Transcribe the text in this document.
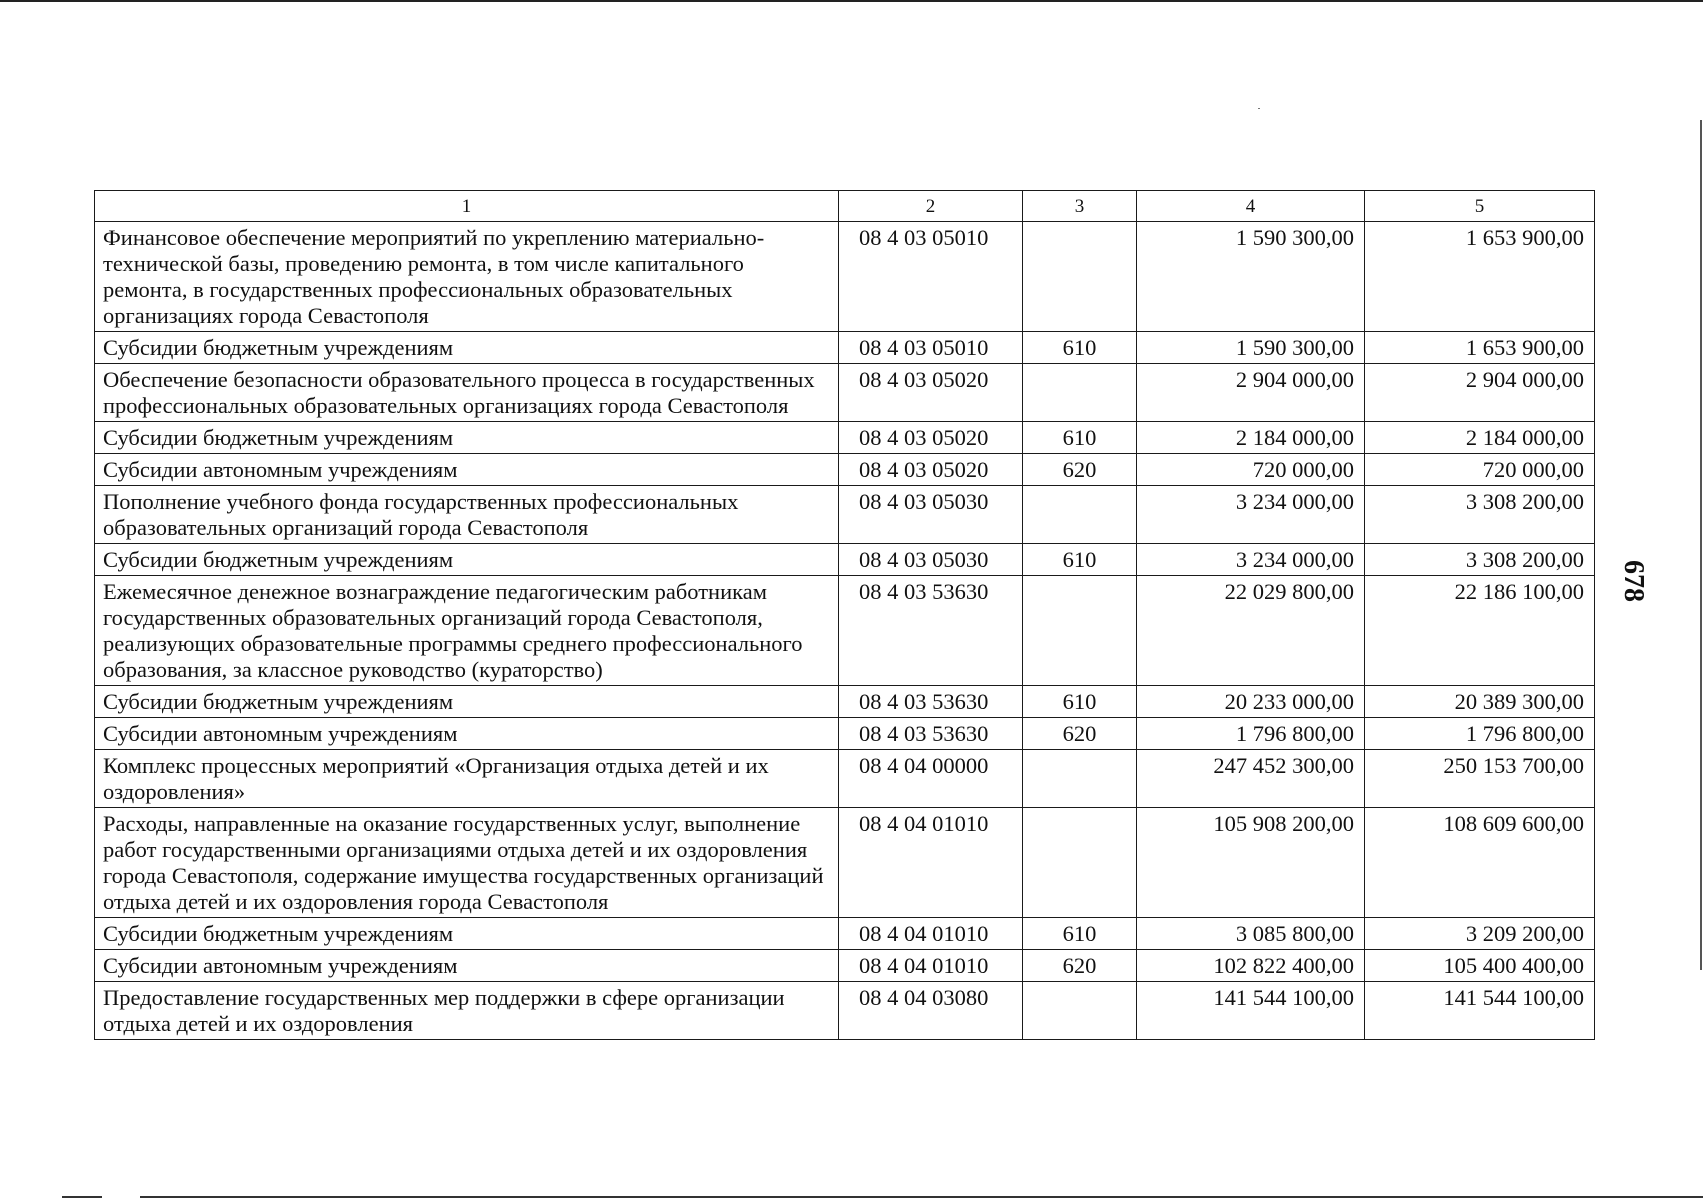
1	2	3	4	5
Финансовое обеспечение мероприятий по укреплению материально-технической базы, проведению ремонта, в том числе капитального ремонта, в государственных профессиональных образовательных организациях города Севастополя	08 4 03 05010		1 590 300,00	1 653 900,00
Субсидии бюджетным учреждениям	08 4 03 05010	610	1 590 300,00	1 653 900,00
Обеспечение безопасности образовательного процесса в государственных профессиональных образовательных организациях города Севастополя	08 4 03 05020		2 904 000,00	2 904 000,00
Субсидии бюджетным учреждениям	08 4 03 05020	610	2 184 000,00	2 184 000,00
Субсидии автономным учреждениям	08 4 03 05020	620	720 000,00	720 000,00
Пополнение учебного фонда государственных профессиональных образовательных организаций города Севастополя	08 4 03 05030		3 234 000,00	3 308 200,00
Субсидии бюджетным учреждениям	08 4 03 05030	610	3 234 000,00	3 308 200,00
Ежемесячное денежное вознаграждение педагогическим работникам государственных образовательных организаций города Севастополя, реализующих образовательные программы среднего профессионального образования, за классное руководство (кураторство)	08 4 03 53630		22 029 800,00	22 186 100,00
Субсидии бюджетным учреждениям	08 4 03 53630	610	20 233 000,00	20 389 300,00
Субсидии автономным учреждениям	08 4 03 53630	620	1 796 800,00	1 796 800,00
Комплекс процессных мероприятий «Организация отдыха детей и их оздоровления»	08 4 04 00000		247 452 300,00	250 153 700,00
Расходы, направленные на оказание государственных услуг, выполнение работ государственными организациями отдыха детей и их оздоровления города Севастополя, содержание имущества государственных организаций отдыха детей и их оздоровления города Севастополя	08 4 04 01010		105 908 200,00	108 609 600,00
Субсидии бюджетным учреждениям	08 4 04 01010	610	3 085 800,00	3 209 200,00
Субсидии автономным учреждениям	08 4 04 01010	620	102 822 400,00	105 400 400,00
Предоставление государственных мер поддержки в сфере организации отдыха детей и их оздоровления	08 4 04 03080		141 544 100,00	141 544 100,00
678
